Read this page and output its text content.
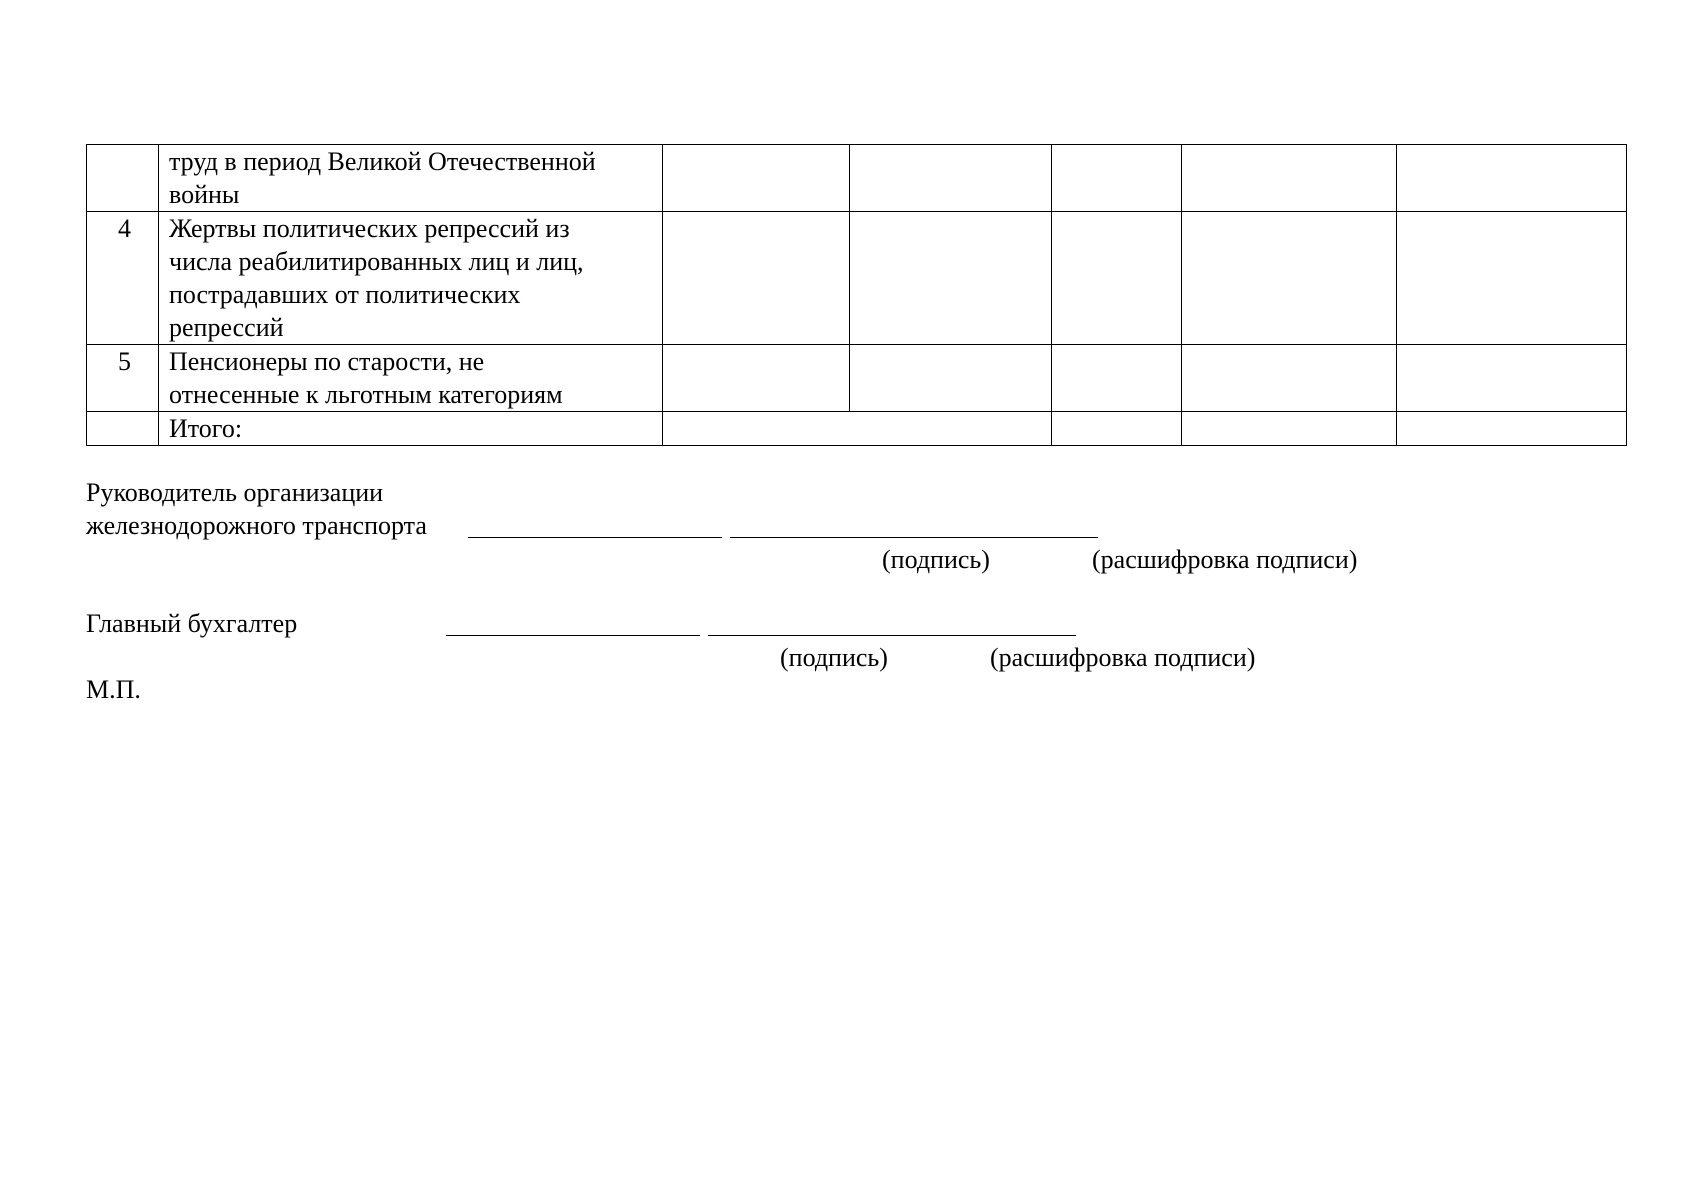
	труд в период Великой Отечественной
войны					
4	Жертвы политических репрессий из
числа реабилитированных лиц и лиц,
пострадавших от политических
репрессий					
5	Пенсионеры по старости, не
отнесенные к льготным категориям					
	Итого:					
Руководитель организации
железнодорожного транспорта
(подпись)	(расшифровка подписи)
Главный бухгалтер
(подпись)	(расшифровка подписи)
М.П.
